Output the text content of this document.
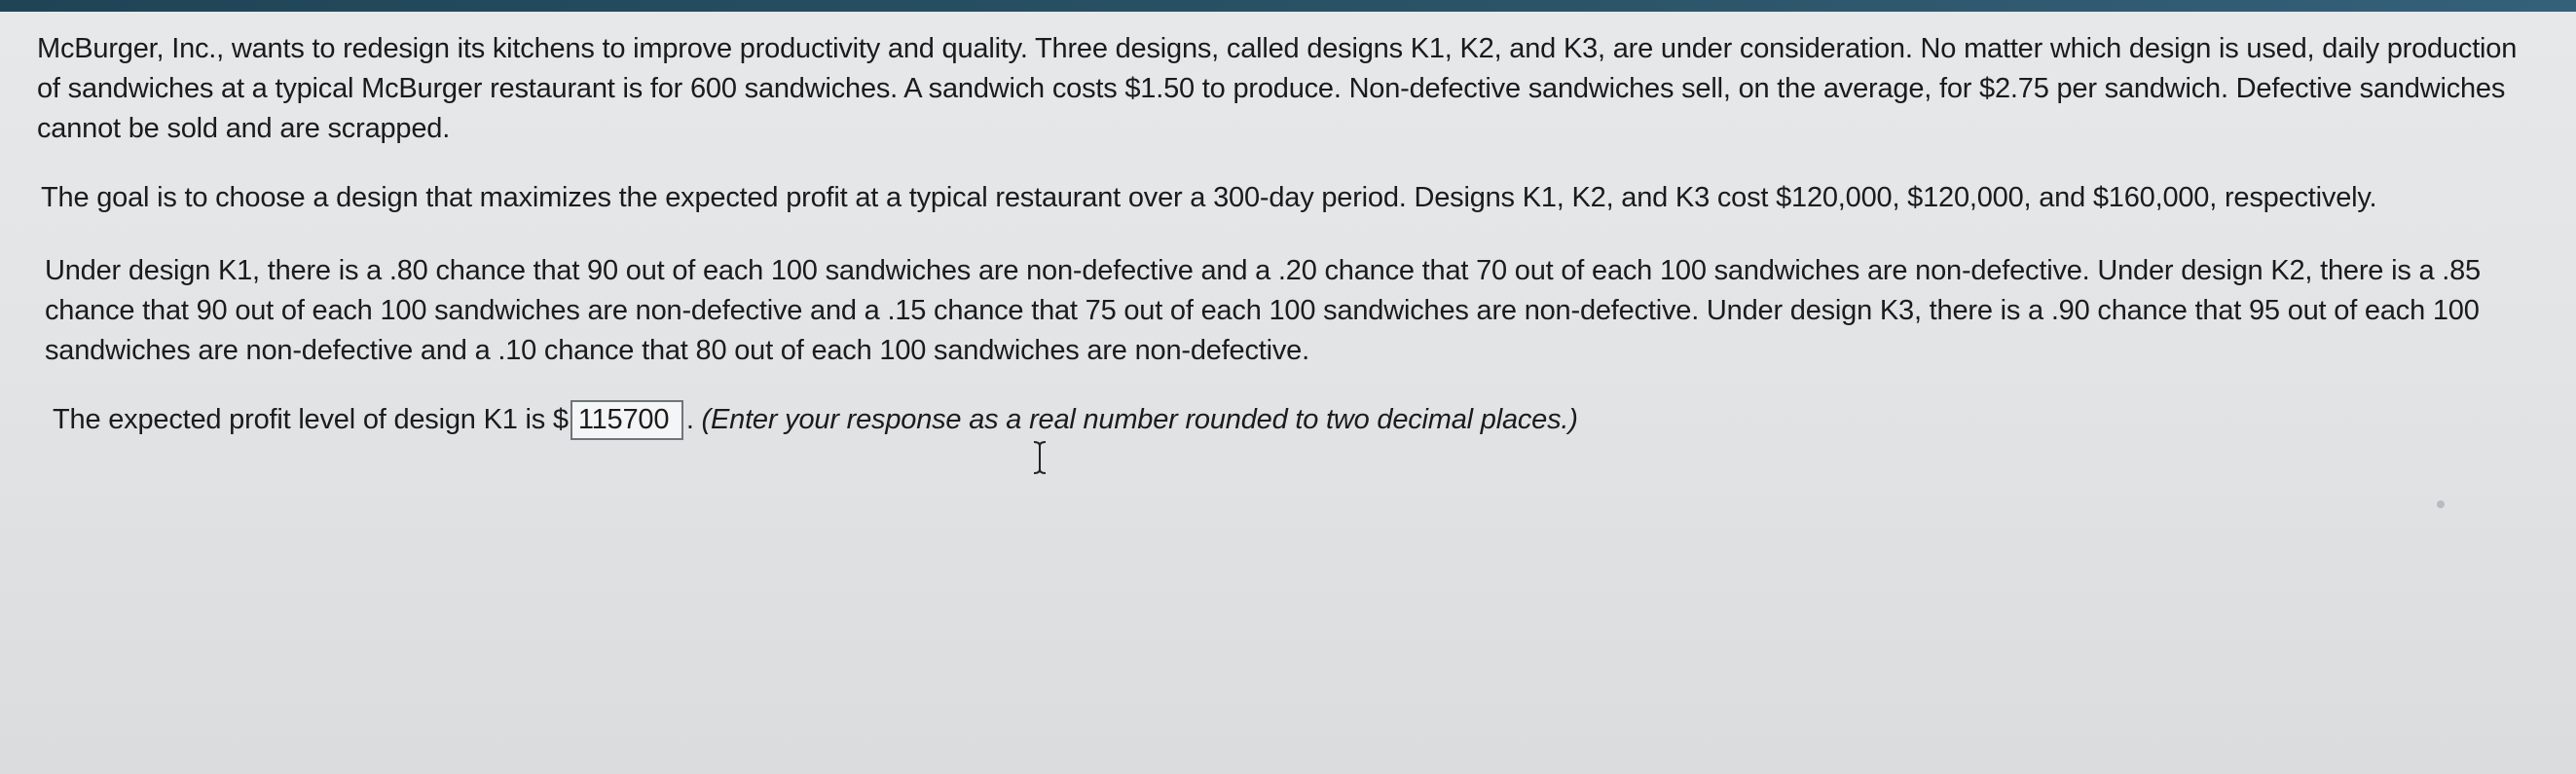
McBurger, Inc., wants to redesign its kitchens to improve productivity and quality. Three designs, called designs K1, K2, and K3, are under consideration. No matter which design is used, daily production of sandwiches at a typical McBurger restaurant is for 600 sandwiches. A sandwich costs $1.50 to produce. Non-defective sandwiches sell, on the average, for $2.75 per sandwich. Defective sandwiches cannot be sold and are scrapped.

The goal is to choose a design that maximizes the expected profit at a typical restaurant over a 300-day period. Designs K1, K2, and K3 cost $120,000, $120,000, and $160,000, respectively.

Under design K1, there is a .80 chance that 90 out of each 100 sandwiches are non-defective and a .20 chance that 70 out of each 100 sandwiches are non-defective. Under design K2, there is a .85 chance that 90 out of each 100 sandwiches are non-defective and a .15 chance that 75 out of each 100 sandwiches are non-defective. Under design K3, there is a .90 chance that 95 out of each 100 sandwiches are non-defective and a .10 chance that 80 out of each 100 sandwiches are non-defective.

The expected profit level of design K1 is $ 115700 . (Enter your response as a real number rounded to two decimal places.)
